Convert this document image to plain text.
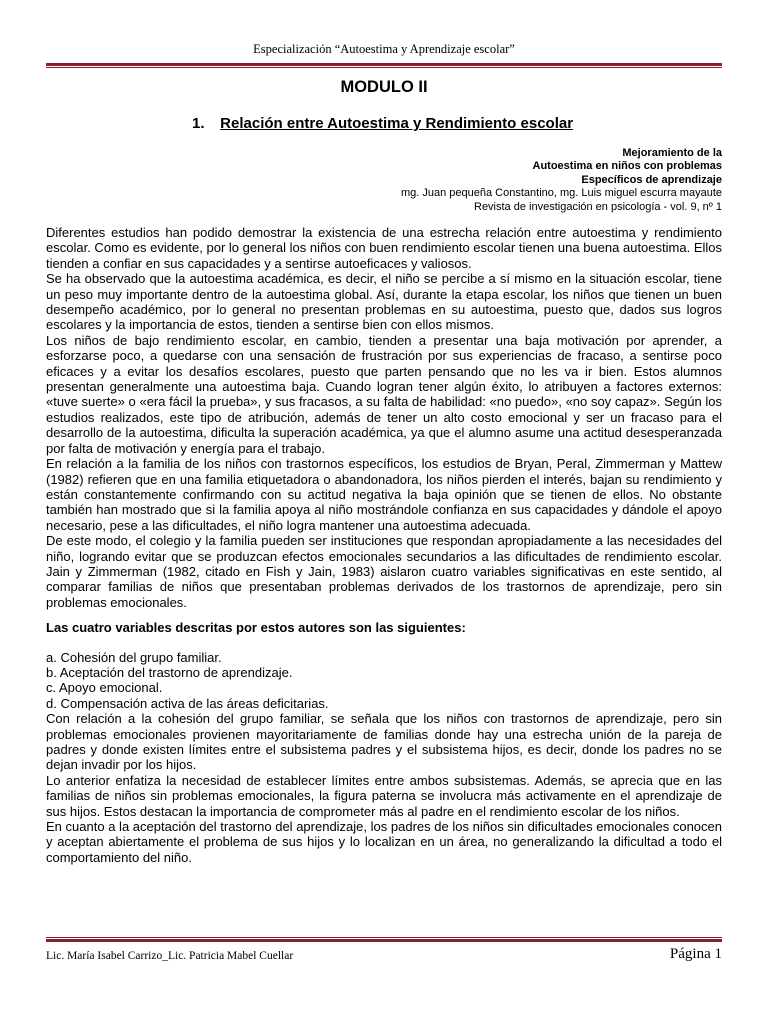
Especialización “Autoestima y Aprendizaje escolar”
MODULO II
1. Relación entre Autoestima y Rendimiento escolar
Mejoramiento de la
Autoestima en niños con problemas
Específicos de aprendizaje
mg. Juan pequeña Constantino, mg. Luis miguel escurra mayaute
Revista de investigación en psicología - vol. 9, nº 1

Diferentes estudios han podido demostrar la existencia de una estrecha relación entre autoestima y rendimiento escolar. Como es evidente, por lo general los niños con buen rendimiento escolar tienen una buena autoestima. Ellos tienden a confiar en sus capacidades y a sentirse autoeficaces y valiosos.

Se ha observado que la autoestima académica, es decir, el niño se percibe a sí mismo en la situación escolar, tiene un peso muy importante dentro de la autoestima global. Así, durante la etapa escolar, los niños que tienen un buen desempeño académico, por lo general no presentan problemas en su autoestima, puesto que, dados sus logros escolares y la importancia de estos, tienden a sentirse bien con ellos mismos.

Los niños de bajo rendimiento escolar, en cambio, tienden a presentar una baja motivación por aprender, a esforzarse poco, a quedarse con una sensación de frustración por sus experiencias de fracaso, a sentirse poco eficaces y a evitar los desafíos escolares, puesto que parten pensando que no les va ir bien. Estos alumnos presentan generalmente una autoestima baja. Cuando logran tener algún éxito, lo atribuyen a factores externos: «tuve suerte» o «era fácil la prueba», y sus fracasos, a su falta de habilidad: «no puedo», «no soy capaz». Según los estudios realizados, este tipo de atribución, además de tener un alto costo emocional y ser un fracaso para el desarrollo de la autoestima, dificulta la superación académica, ya que el alumno asume una actitud desesperanzada por falta de motivación y energía para el trabajo.

En relación a la familia de los niños con trastornos específicos, los estudios de Bryan, Peral, Zimmerman y Mattew (1982) refieren que en una familia etiquetadora o abandonadora, los niños pierden el interés, bajan su rendimiento y están constantemente confirmando con su actitud negativa la baja opinión que se tienen de ellos. No obstante también han mostrado que si la familia apoya al niño mostrándole confianza en sus capacidades y dándole el apoyo necesario, pese a las dificultades, el niño logra mantener una autoestima adecuada.

De este modo, el colegio y la familia pueden ser instituciones que respondan apropiadamente a las necesidades del niño, logrando evitar que se produzcan efectos emocionales secundarios a las dificultades de rendimiento escolar. Jain y Zimmerman (1982, citado en Fish y Jain, 1983) aislaron cuatro variables significativas en este sentido, al comparar familias de niños que presentaban problemas derivados de los trastornos de aprendizaje, pero sin problemas emocionales.

Las cuatro variables descritas por estos autores son las siguientes:

a. Cohesión del grupo familiar.

b. Aceptación del trastorno de aprendizaje.

c. Apoyo emocional.

d. Compensación activa de las áreas deficitarias.

Con relación a la cohesión del grupo familiar, se señala que los niños con trastornos de aprendizaje, pero sin problemas emocionales provienen mayoritariamente de familias donde hay una estrecha unión de la pareja de padres y donde existen límites entre el subsistema padres y el subsistema hijos, es decir, donde los padres no se dejan invadir por los hijos.

Lo anterior enfatiza la necesidad de establecer límites entre ambos subsistemas. Además, se aprecia que en las familias de niños sin problemas emocionales, la figura paterna se involucra más activamente en el aprendizaje de sus hijos. Estos destacan la importancia de comprometer más al padre en el rendimiento escolar de los niños.

En cuanto a la aceptación del trastorno del aprendizaje, los padres de los niños sin dificultades emocionales conocen y aceptan abiertamente el problema de sus hijos y lo localizan en un área, no generalizando la dificultad a todo el comportamiento del niño.

Lic. María Isabel Carrizo_Lic. Patricia Mabel Cuellar	Página 1
